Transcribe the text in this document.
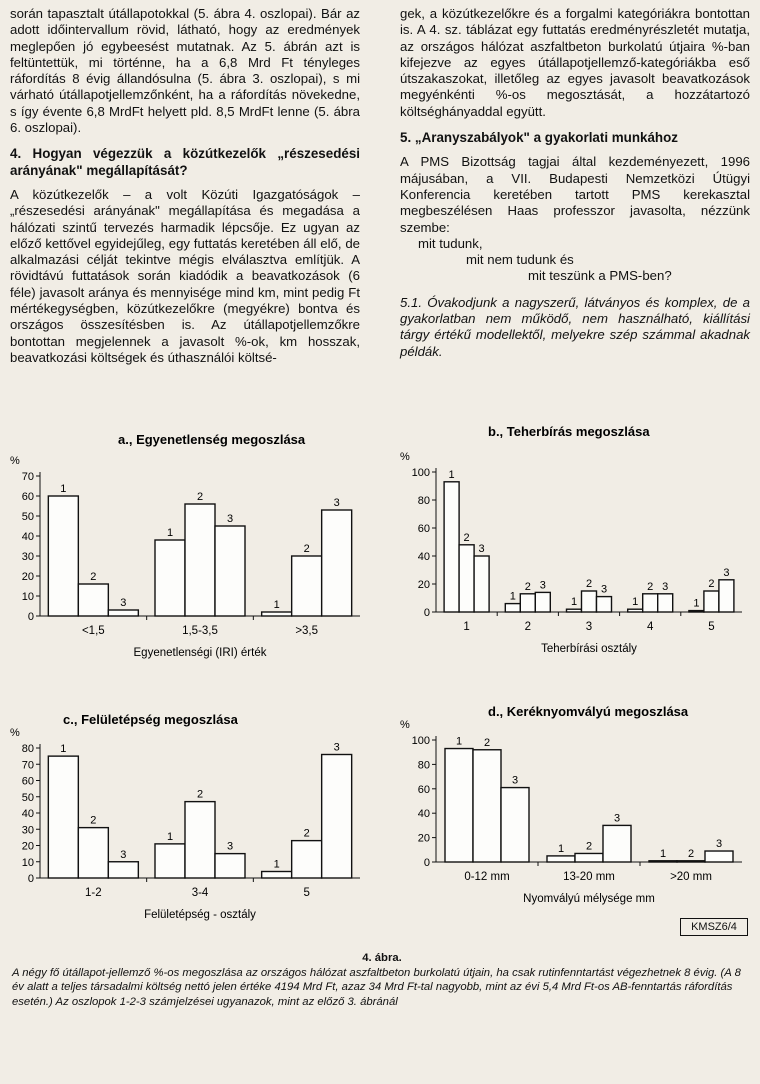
során tapasztalt útállapotokkal (5. ábra 4. oszlopai). Bár az adott időintervallum rövid, látható, hogy az eredmények meglepően jó egybeesést mutatnak. Az 5. ábrán azt is feltüntettük, mi történne, ha a 6,8 Mrd Ft tényleges ráfordítás 8 évig állandósulna (5. ábra 3. oszlopai), s mi várható útállapotjellemzőnként, ha a ráfordítás növekedne, s így évente 6,8 MrdFt helyett pld. 8,5 MrdFt lenne (5. ábra 6. oszlopai).

4. Hogyan végezzük a közútkezelők „részesedési arányának" megállapítását?

A közútkezelők – a volt Közúti Igazgatóságok – „részesedési arányának" megállapítása és megadása a hálózati szintű tervezés harmadik lépcsője. Ez ugyan az előző kettővel egyidejűleg, egy futtatás keretében áll elő, de alkalmazási célját tekintve mégis elválasztva említjük. A rövidtávú futtatások során kiadódik a beavatkozások (6 féle) javasolt aránya és mennyisége mind km, mint pedig Ft mértékegységben, közútkezelőkre (megyékre) bontva és országos összesítésben is. Az útállapotjellemzőkre bontottan megjelennek a javasolt %-ok, km hosszak, beavatkozási költségek és úthasználói költsé-

gek, a közútkezelőkre és a forgalmi kategóriákra bontottan is. A 4. sz. táblázat egy futtatás eredményrészletét mutatja, az országos hálózat aszfaltbeton burkolatú útjaira %-ban kifejezve az egyes útállapotjellemző-kategóriákba eső útszakaszokat, illetőleg az egyes javasolt beavatkozások megyénkénti %-os megosztását, a hozzátartozó költséghányaddal együtt.

5. „Aranyszabályok" a gyakorlati munkához

A PMS Bizottság tagjai által kezdeményezett, 1996 májusában, a VII. Budapesti Nemzetközi Útügyi Konferencia keretében tartott PMS kerekasztal megbeszélésen Haas professzor javasolta, nézzünk szembe:

mit tudunk,

mit nem tudunk és

mit teszünk a PMS-ben?

5.1. Óvakodjunk a nagyszerű, látványos és komplex, de a gyakorlatban nem működő, nem használható, kiállítási tárgy értékű modellektől, melyekre szép számmal akadnak példák.

a., Egyenetlenség megoszlása
%
0
10
20
30
40
50
60
70
1
2
3
<1,5
1
2
3
1,5-3,5
1
2
3
>3,5
Egyenetlenségi (IRI) érték
b., Teherbírás megoszlása
%
0
20
40
60
80
100 1
2
3
1
1
2 3
2
1
2 3
3
1
2 3
4
1
2
3
5
Teherbírási osztály
c., Felületépség megoszlása
%
0
10
20
30
40
50
60
70
80 1
2
3
1-2
1
2
3
3-4
1
2
3
5
Felületépség - osztály
d., Keréknyomvályú megoszlása
%
0
20
40
60
80
100 1 2
3
0-12 mm
1 2
3
13-20 mm
1 2
3
>20 mm
Nyomvályú mélysége mm
KMSZ6/4
4. ábra.
A négy fő útállapot-jellemző %-os megoszlása az országos hálózat aszfaltbeton burkolatú útjain, ha csak rutinfenntartást végezhetnek 8 évig. (A 8 év alatt a teljes társadalmi költség nettó jelen értéke 4194 Mrd Ft, azaz 34 Mrd Ft-tal nagyobb, mint az évi 5,4 Mrd Ft-os AB-fenntartás ráfordítás esetén.) Az oszlopok 1-2-3 számjelzései ugyanazok, mint az előző 3. ábránál
